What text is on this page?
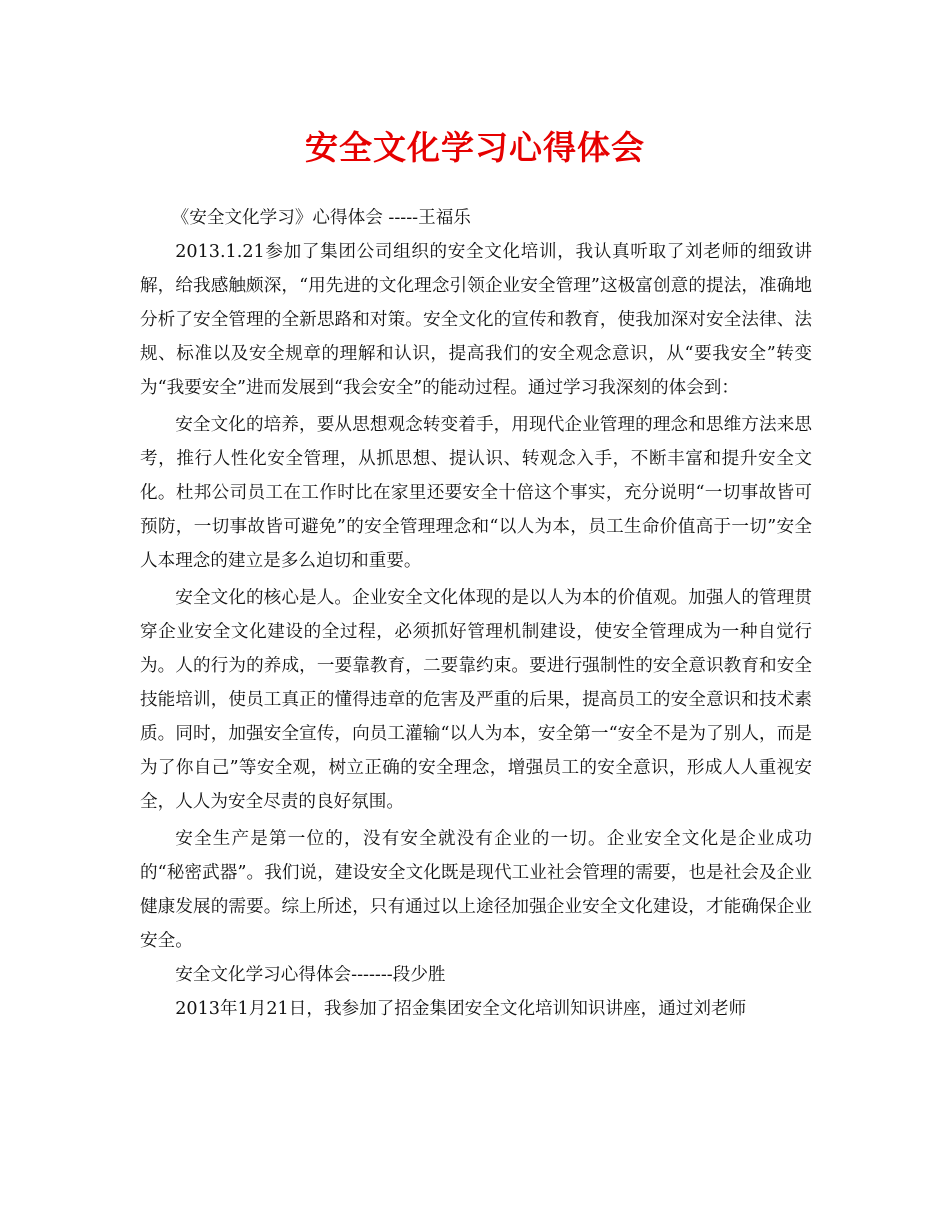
安全文化学习心得体会

《安全文化学习》心得体会 -----王福乐

2013.1.21参加了集团公司组织的安全文化培训，我认真听取了刘老师的细致讲解，给我感触颇深，“用先进的文化理念引领企业安全管理”这极富创意的提法，准确地分析了安全管理的全新思路和对策。安全文化的宣传和教育，使我加深对安全法律、法规、标准以及安全规章的理解和认识，提高我们的安全观念意识，从“要我安全”转变为“我要安全”进而发展到“我会安全”的能动过程。通过学习我深刻的体会到：

安全文化的培养，要从思想观念转变着手，用现代企业管理的理念和思维方法来思考，推行人性化安全管理，从抓思想、提认识、转观念入手，不断丰富和提升安全文化。杜邦公司员工在工作时比在家里还要安全十倍这个事实，充分说明“一切事故皆可预防，一切事故皆可避免”的安全管理理念和“以人为本，员工生命价值高于一切”安全人本理念的建立是多么迫切和重要。

安全文化的核心是人。企业安全文化体现的是以人为本的价值观。加强人的管理贯穿企业安全文化建设的全过程，必须抓好管理机制建设，使安全管理成为一种自觉行为。人的行为的养成，一要靠教育，二要靠约束。要进行强制性的安全意识教育和安全技能培训，使员工真正的懂得违章的危害及严重的后果，提高员工的安全意识和技术素质。同时，加强安全宣传，向员工灌输“以人为本，安全第一“安全不是为了别人，而是为了你自己”等安全观，树立正确的安全理念，增强员工的安全意识，形成人人重视安全，人人为安全尽责的良好氛围。

安全生产是第一位的，没有安全就没有企业的一切。企业安全文化是企业成功的“秘密武器”。我们说，建设安全文化既是现代工业社会管理的需要，也是社会及企业健康发展的需要。综上所述，只有通过以上途径加强企业安全文化建设，才能确保企业安全。

安全文化学习心得体会-------段少胜

2013年1月21日，我参加了招金集团安全文化培训知识讲座，通过刘老师
